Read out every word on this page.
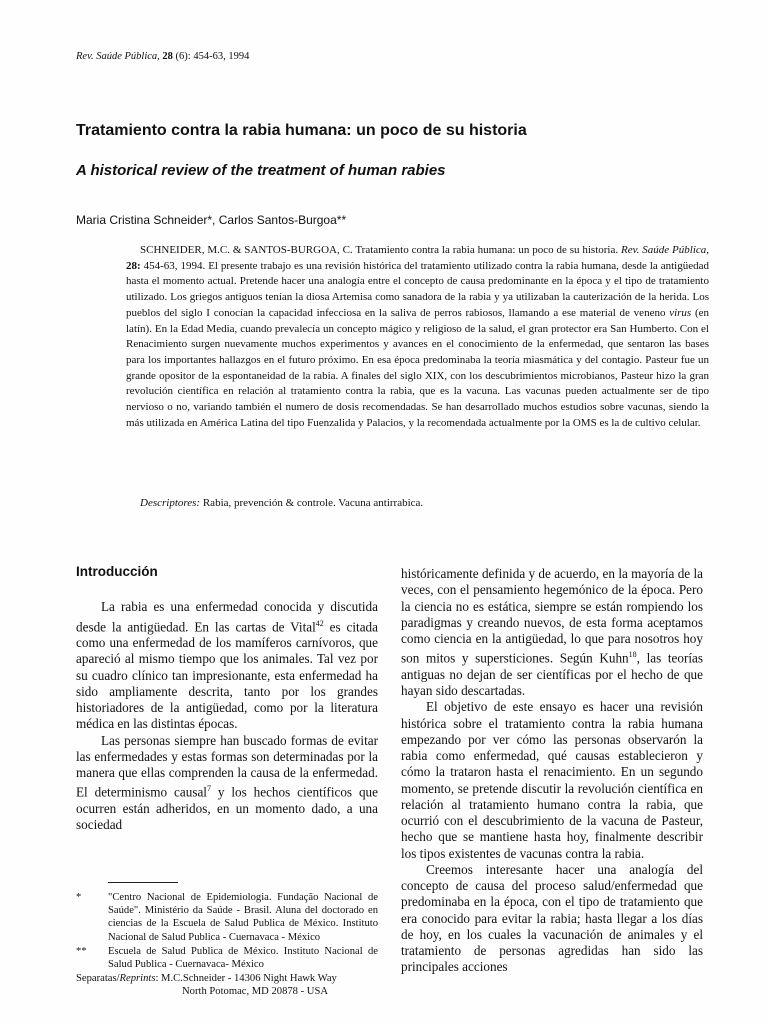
Rev. Saúde Pública, 28 (6): 454-63, 1994
Tratamiento contra la rabia humana: un poco de su historia
A historical review of the treatment of human rabies
Maria Cristina Schneider*, Carlos Santos-Burgoa**

SCHNEIDER, M.C. & SANTOS-BURGOA, C. Tratamiento contra la rabia humana: un poco de su historia. Rev. Saúde Pública, 28: 454-63, 1994. El presente trabajo es una revisión histórica del tratamiento utilizado contra la rabia humana, desde la antigüedad hasta el momento actual. Pretende hacer una analogía entre el concepto de causa predominante en la época y el tipo de tratamiento utilizado. Los griegos antiguos tenían la diosa Artemisa como sanadora de la rabia y ya utilizaban la cauterización de la herida. Los pueblos del siglo I conocían la capacidad infecciosa en la saliva de perros rabiosos, llamando a ese material de veneno virus (en latín). En la Edad Media, cuando prevalecía un concepto mágico y religioso de la salud, el gran protector era San Humberto. Con el Renacimiento surgen nuevamente muchos experimentos y avances en el conocimiento de la enfermedad, que sentaron las bases para los importantes hallazgos en el futuro próximo. En esa época predominaba la teoría miasmática y del contagio. Pasteur fue un grande opositor de la espontaneidad de la rabia. A finales del siglo XIX, con los descubrimientos microbianos, Pasteur hizo la gran revolución científica en relación al tratamiento contra la rabia, que es la vacuna. Las vacunas pueden actualmente ser de tipo nervioso o no, variando también el numero de dosis recomendadas. Se han desarrollado muchos estudios sobre vacunas, siendo la más utilizada en América Latina del tipo Fuenzalida y Palacios, y la recomendada actualmente por la OMS es la de cultivo celular.

Descriptores: Rabia, prevención & controle. Vacuna antirrabica.

Introducción

La rabia es una enfermedad conocida y discutida desde la antigüedad. En las cartas de Vital$^{42}$ es citada como una enfermedad de los mamíferos carnívoros, que apareció al mismo tiempo que los animales. Tal vez por su cuadro clínico tan impresionante, esta enfermedad ha sido ampliamente descrita, tanto por los grandes historiadores de la antigüedad, como por la literatura médica en las distintas épocas.

Las personas siempre han buscado formas de evitar las enfermedades y estas formas son determinadas por la manera que ellas comprenden la causa de la enfermedad. El determinismo causal$^7$ y los hechos científicos que ocurren están adheridos, en un momento dado, a una sociedad

históricamente definida y de acuerdo, en la mayoría de la veces, con el pensamiento hegemónico de la época. Pero la ciencia no es estática, siempre se están rompiendo los paradigmas y creando nuevos, de esta forma aceptamos como ciencia en la antigüedad, lo que para nosotros hoy son mitos y supersticiones. Según Kuhn$^{18}$, las teorías antiguas no dejan de ser científicas por el hecho de que hayan sido descartadas.

El objetivo de este ensayo es hacer una revisión histórica sobre el tratamiento contra la rabia humana empezando por ver cómo las personas observarón la rabia como enfermedad, qué causas establecieron y cómo la trataron hasta el renacimiento. En un segundo momento, se pretende discutir la revolución científica en relación al tratamiento humano contra la rabia, que ocurrió con el descubrimiento de la vacuna de Pasteur, hecho que se mantiene hasta hoy, finalmente describir los tipos existentes de vacunas contra la rabia.

Creemos interesante hacer una analogía del concepto de causa del proceso salud/enfermedad que predominaba en la época, con el tipo de tratamiento que era conocido para evitar la rabia; hasta llegar a los días de hoy, en los cuales la vacunación de animales y el tratamiento de personas agredidas han sido las principales acciones

*	"Centro Nacional de Epidemiologia. Fundação Nacional de Saúde". Ministério da Saúde - Brasil. Aluna del doctorado en ciencias de la Escuela de Salud Publica de México. Instituto Nacional de Salud Publica - Cuernavaca - México
**	Escuela de Salud Publica de México. Instituto Nacional de Salud Publica - Cuernavaca- México
Separatas/Reprints: M.C.Schneider - 14306 Night Hawk Way
North Potomac, MD 20878 - USA
